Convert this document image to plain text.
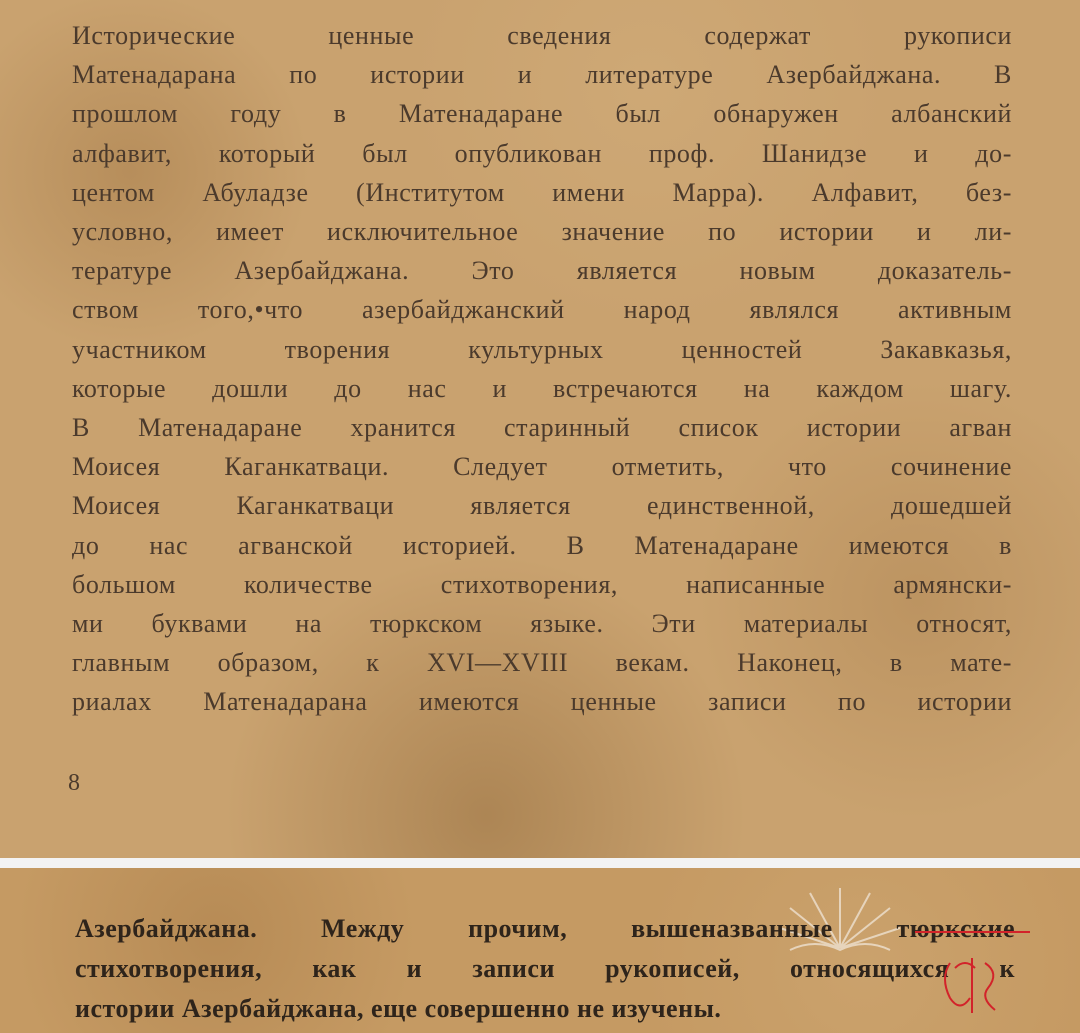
Исторические ценные сведения содержат рукописи
Матенадарана по истории и литературе Азербайджана. В
прошлом году в Матенадаране был обнаружен албанский
алфавит, который был опубликован проф. Шанидзе и до-
центом Абуладзе (Институтом имени Марра). Алфавит, без-
условно, имеет исключительное значение по истории и ли-
тературе Азербайджана. Это является новым доказатель-
ством того,•что азербайджанский народ являлся активным
участником творения культурных ценностей Закавказья,
которые дошли до нас и встречаются на каждом шагу.
В Матенадаране хранится старинный список истории агван
Моисея Каганкатваци. Следует отметить, что сочинение
Моисея Каганкатваци является единственной, дошедшей
до нас агванской историей. В Матенадаране имеются в
большом количестве стихотворения, написанные армянски-
ми буквами на тюркском языке. Эти материалы относят,
главным образом, к XVI—XVIII векам. Наконец, в мате-
риалах Матенадарана имеются ценные записи по истории
8
Азербайджана. Между прочим, вышеназванные тюркские
стихотворения, как и записи рукописей, относящихся к
истории Азербайджана, еще совершенно не изучены.
